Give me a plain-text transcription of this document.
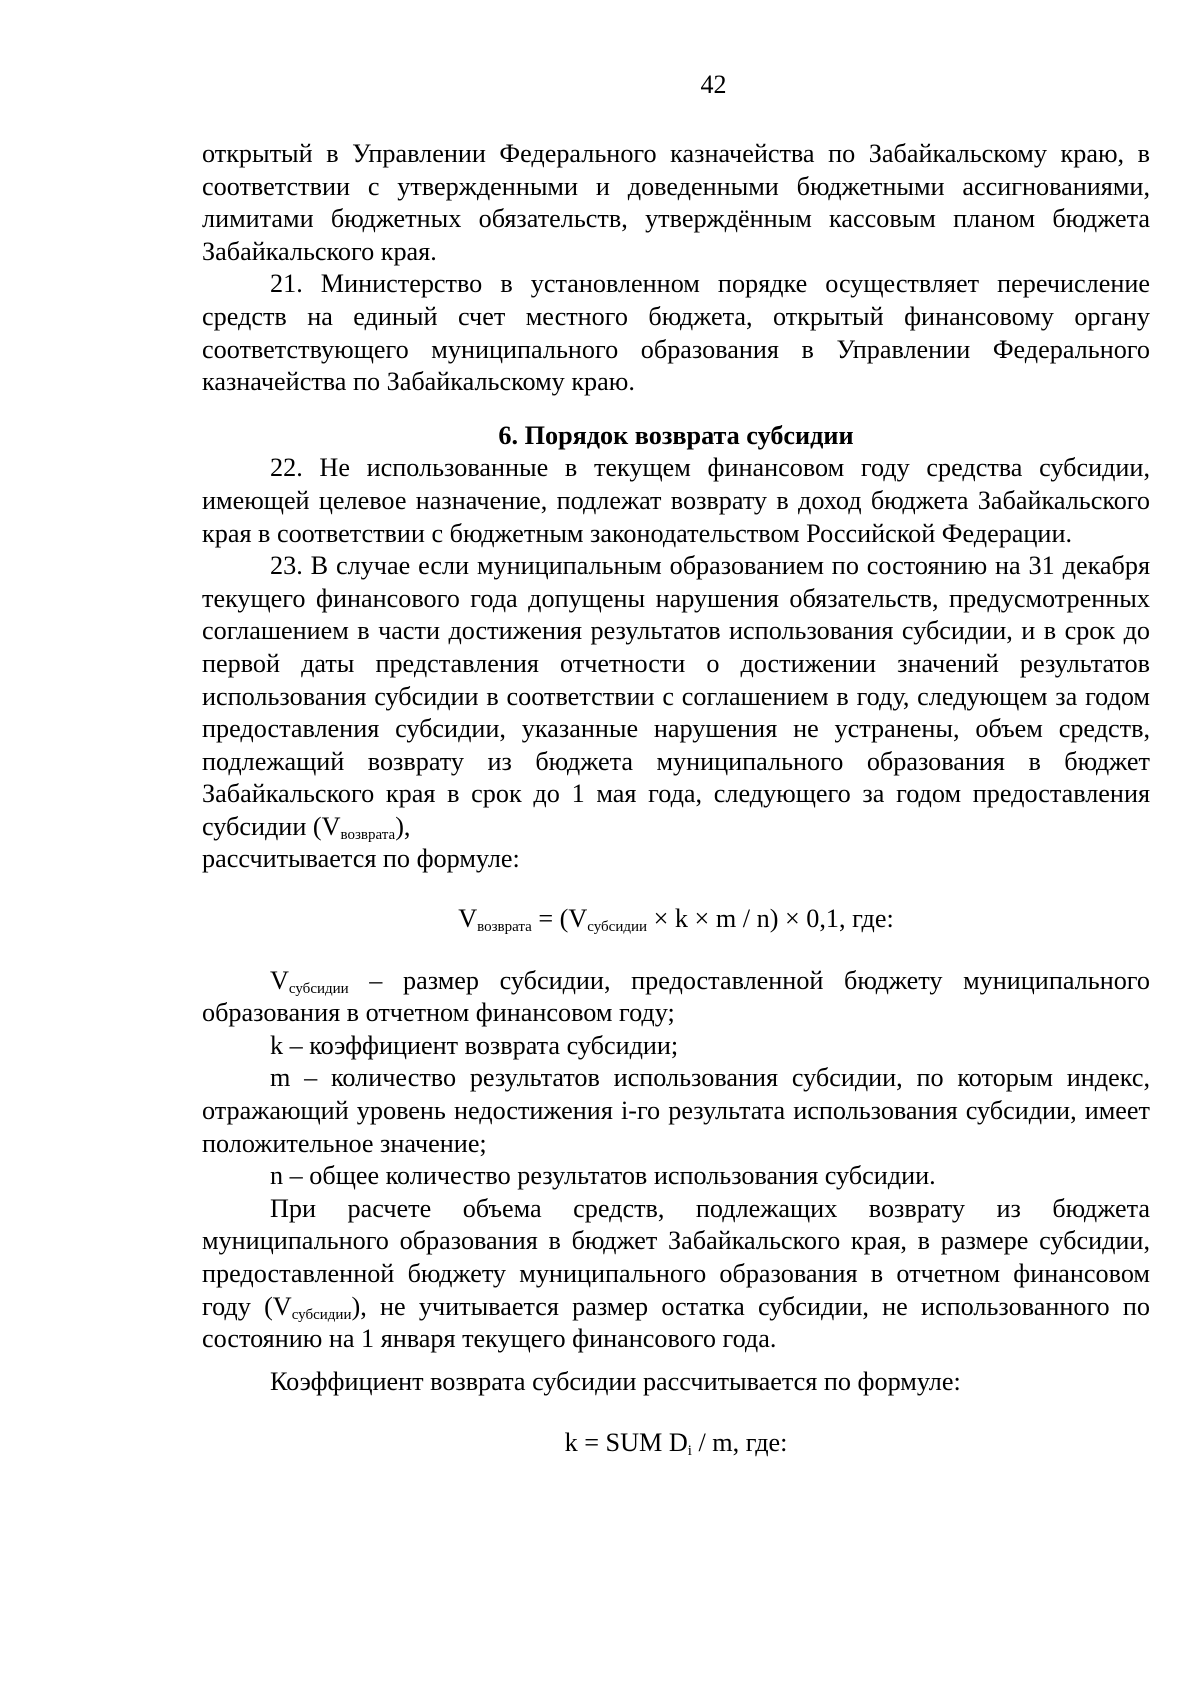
42

открытый в Управлении Федерального казначейства по Забайкальскому краю, в соответствии с утвержденными и доведенными бюджетными ассигнованиями, лимитами бюджетных обязательств, утверждённым кассовым планом бюджета Забайкальского края.

21. Министерство в установленном порядке осуществляет перечисление средств на единый счет местного бюджета, открытый финансовому органу соответствующего муниципального образования в Управлении Федерального казначейства по Забайкальскому краю.

6. Порядок возврата субсидии

22. Не использованные в текущем финансовом году средства субсидии, имеющей целевое назначение, подлежат возврату в доход бюджета Забайкальского края в соответствии с бюджетным законодательством Российской Федерации.

23. В случае если муниципальным образованием по состоянию на 31 декабря текущего финансового года допущены нарушения обязательств, предусмотренных соглашением в части достижения результатов использования субсидии, и в срок до первой даты представления отчетности о достижении значений результатов использования субсидии в соответствии с соглашением в году, следующем за годом предоставления субсидии, указанные нарушения не устранены, объем средств, подлежащий возврату из бюджета муниципального образования в бюджет Забайкальского края в срок до 1 мая года, следующего за годом предоставления субсидии $(V_{возврата})$,

рассчитывается по формуле:

$V_{возврата} = (V_{субсидии} \times k \times m / n) \times 0,1$, где:

$V_{субсидии}$ – размер субсидии, предоставленной бюджету муниципального образования в отчетном финансовом году;

k – коэффициент возврата субсидии;

m – количество результатов использования субсидии, по которым индекс, отражающий уровень недостижения i-го результата использования субсидии, имеет положительное значение;

n – общее количество результатов использования субсидии.

При расчете объема средств, подлежащих возврату из бюджета муниципального образования в бюджет Забайкальского края, в размере субсидии, предоставленной бюджету муниципального образования в отчетном финансовом году $(V_{субсидии})$, не учитывается размер остатка субсидии, не использованного по состоянию на 1 января текущего финансового года.

Коэффициент возврата субсидии рассчитывается по формуле:

k = SUM $D_i$ / m, где:
